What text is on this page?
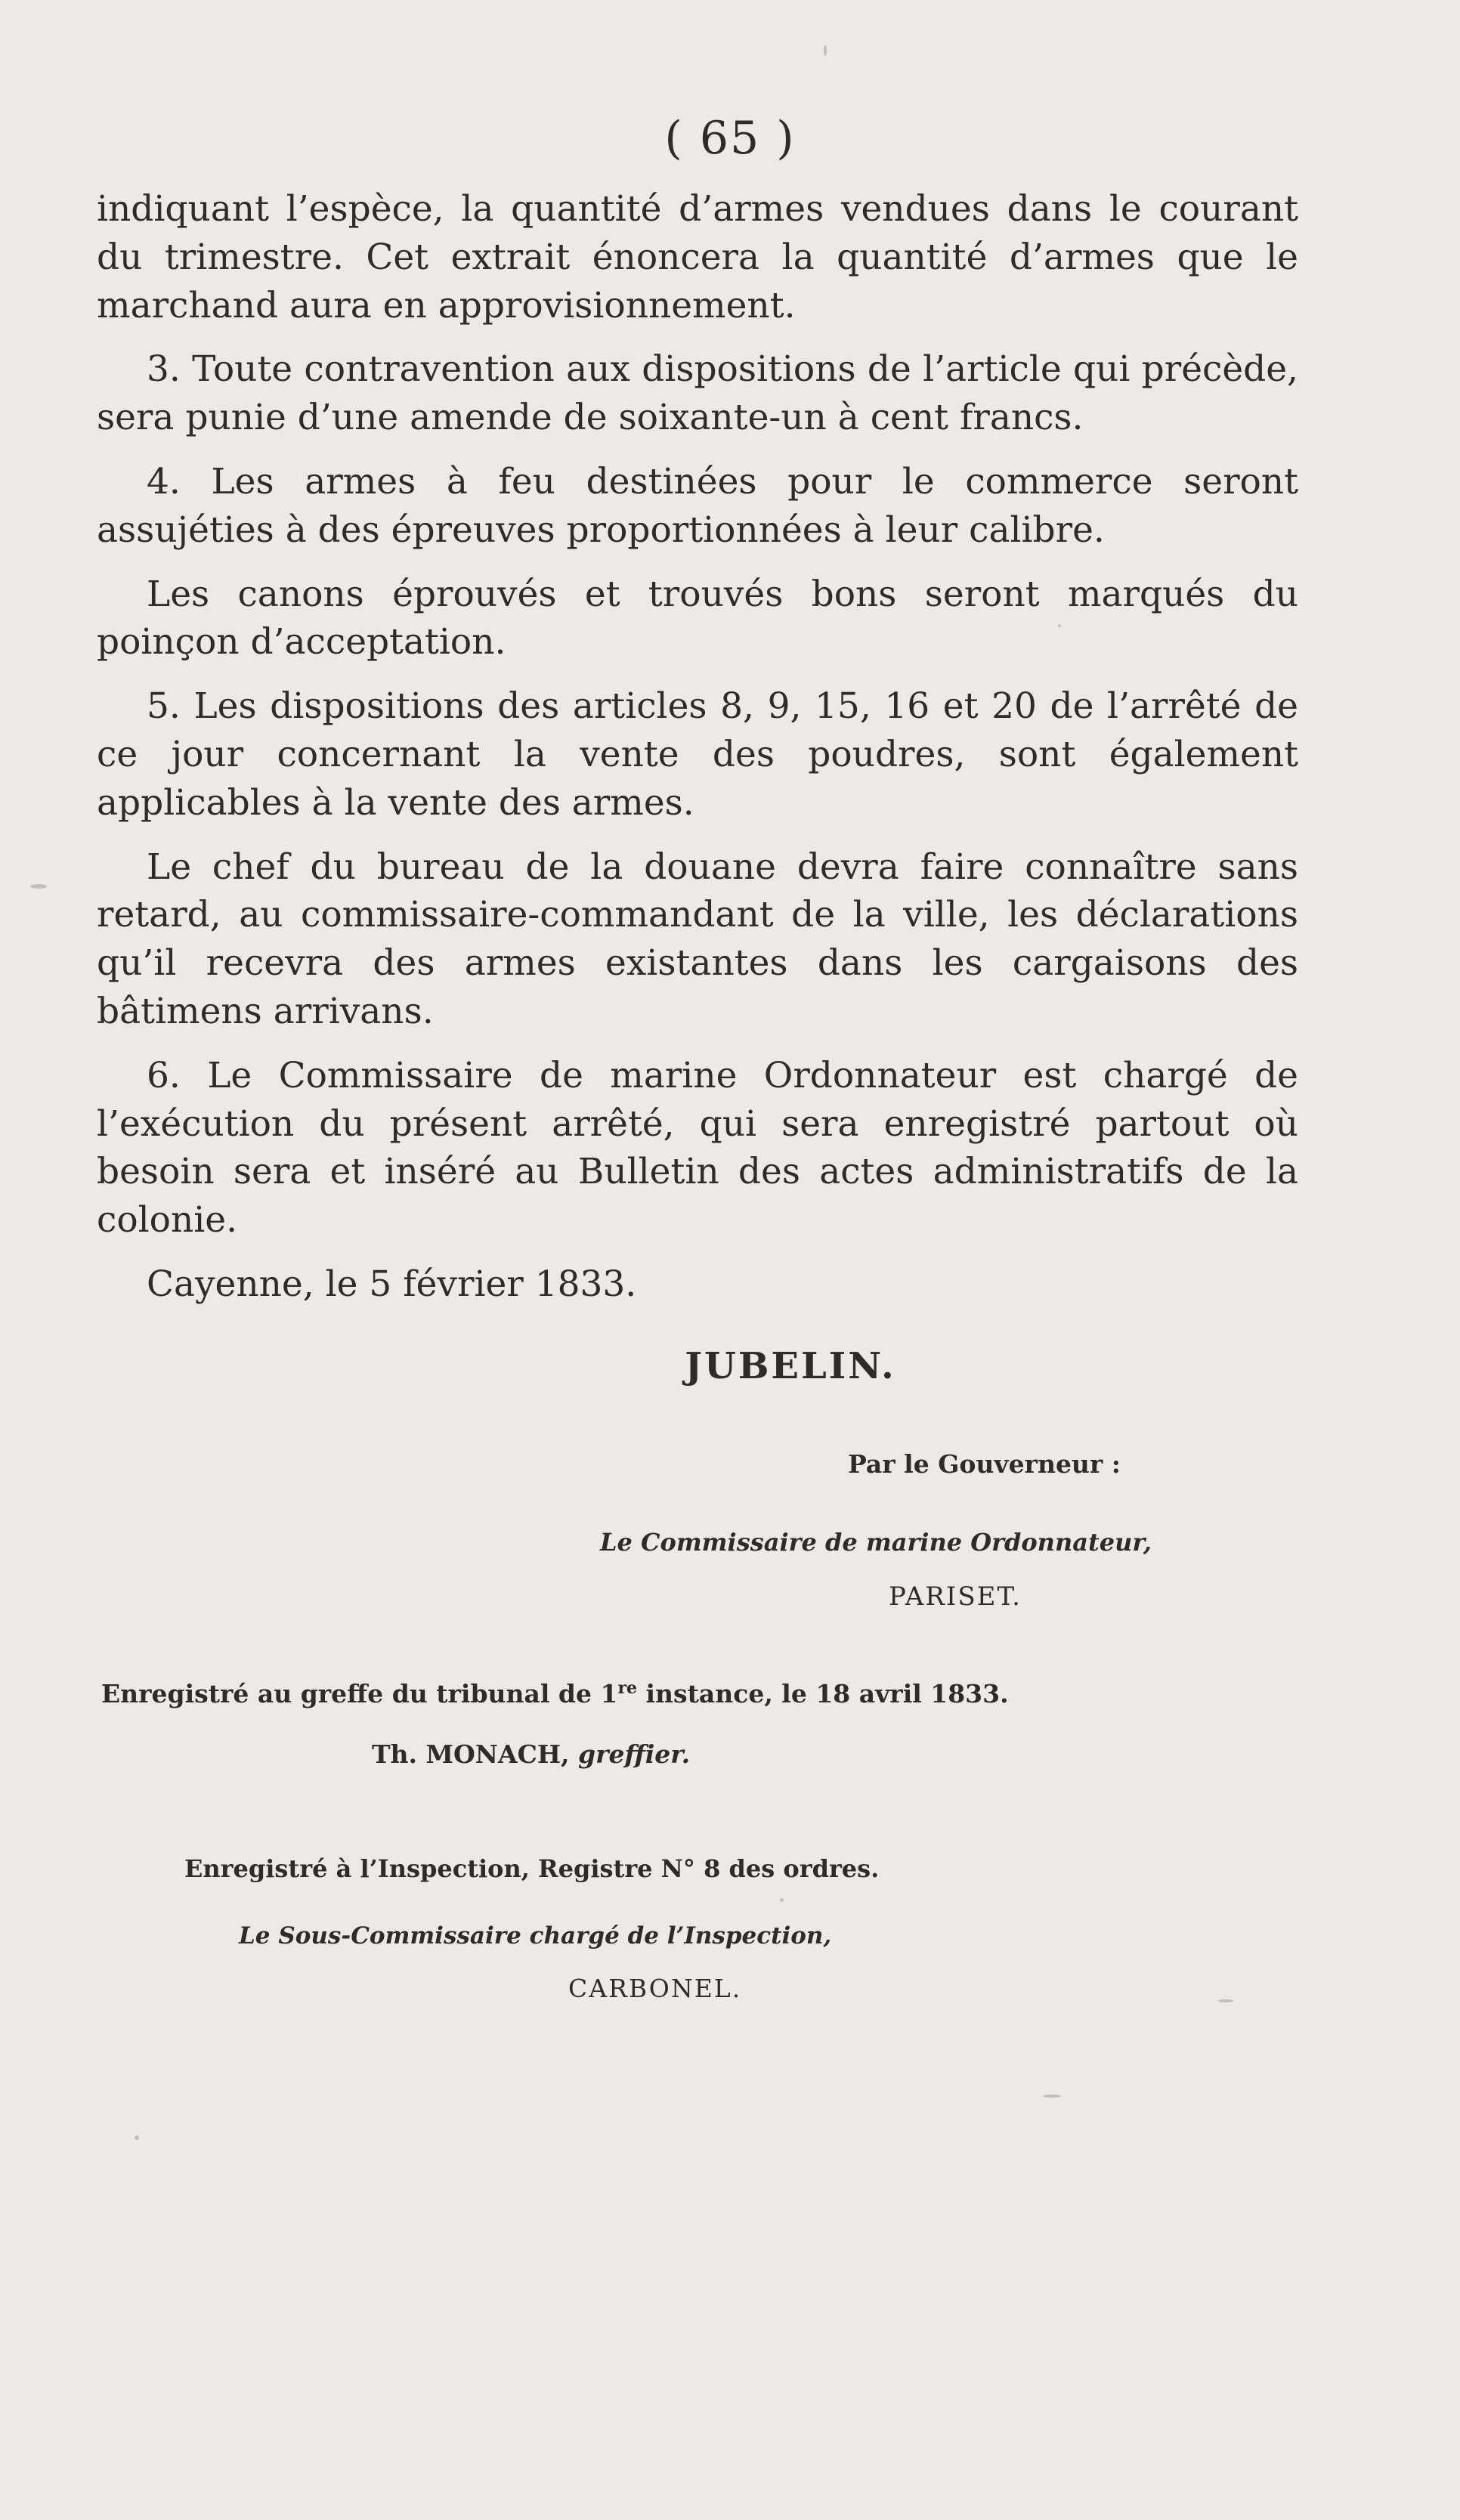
( 65 )

indiquant l’espèce, la quantité d’armes vendues dans le courant du trimestre. Cet extrait énoncera la quantité d’armes que le marchand aura en approvisionnement.

3. Toute contravention aux dispositions de l’article qui précède, sera punie d’une amende de soixante-un à cent francs.

4. Les armes à feu destinées pour le commerce seront assujéties à des épreuves proportionnées à leur calibre.

Les canons éprouvés et trouvés bons seront marqués du poinçon d’acceptation.

5. Les dispositions des articles 8, 9, 15, 16 et 20 de l’arrêté de ce jour concernant la vente des poudres, sont également applicables à la vente des armes.

Le chef du bureau de la douane devra faire connaître sans retard, au commissaire-commandant de la ville, les déclarations qu’il recevra des armes existantes dans les cargaisons des bâtimens arrivans.

6. Le Commissaire de marine Ordonnateur est chargé de l’exécution du présent arrêté, qui sera enregistré partout où besoin sera et inséré au Bulletin des actes administratifs de la colonie.

Cayenne, le 5 février 1833.

JUBELIN.
Par le Gouverneur :
Le Commissaire de marine Ordonnateur,
PARISET.
Enregistré au greffe du tribunal de 1re instance, le 18 avril 1833.
Th. MONACH, greffier.
Enregistré à l’Inspection, Registre N° 8 des ordres.
Le Sous-Commissaire chargé de l’Inspection,
CARBONEL.
